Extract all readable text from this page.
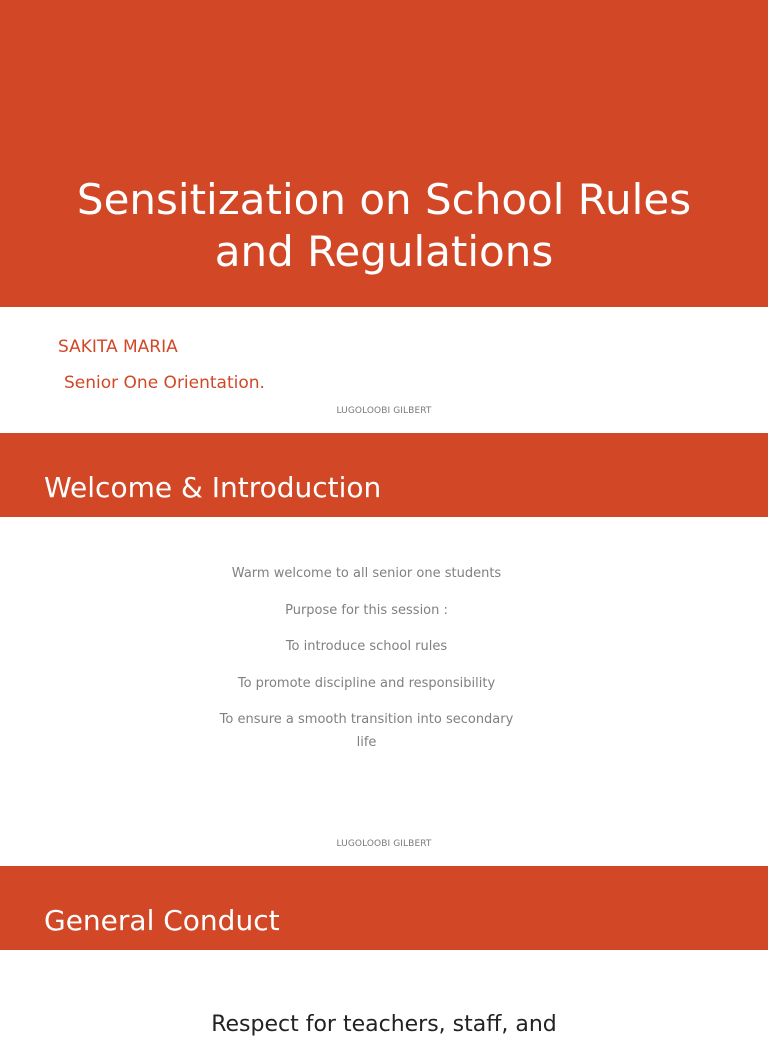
Sensitization on School Rules
and Regulations
SAKITA MARIA
Senior One Orientation.
LUGOLOOBI GILBERT
Welcome & Introduction
Warm welcome to all senior one students
Purpose for this session :
To introduce school rules
To promote discipline and responsibility
To ensure a smooth transition into secondary
life
LUGOLOOBI GILBERT
General Conduct
Respect for teachers, staff, and
